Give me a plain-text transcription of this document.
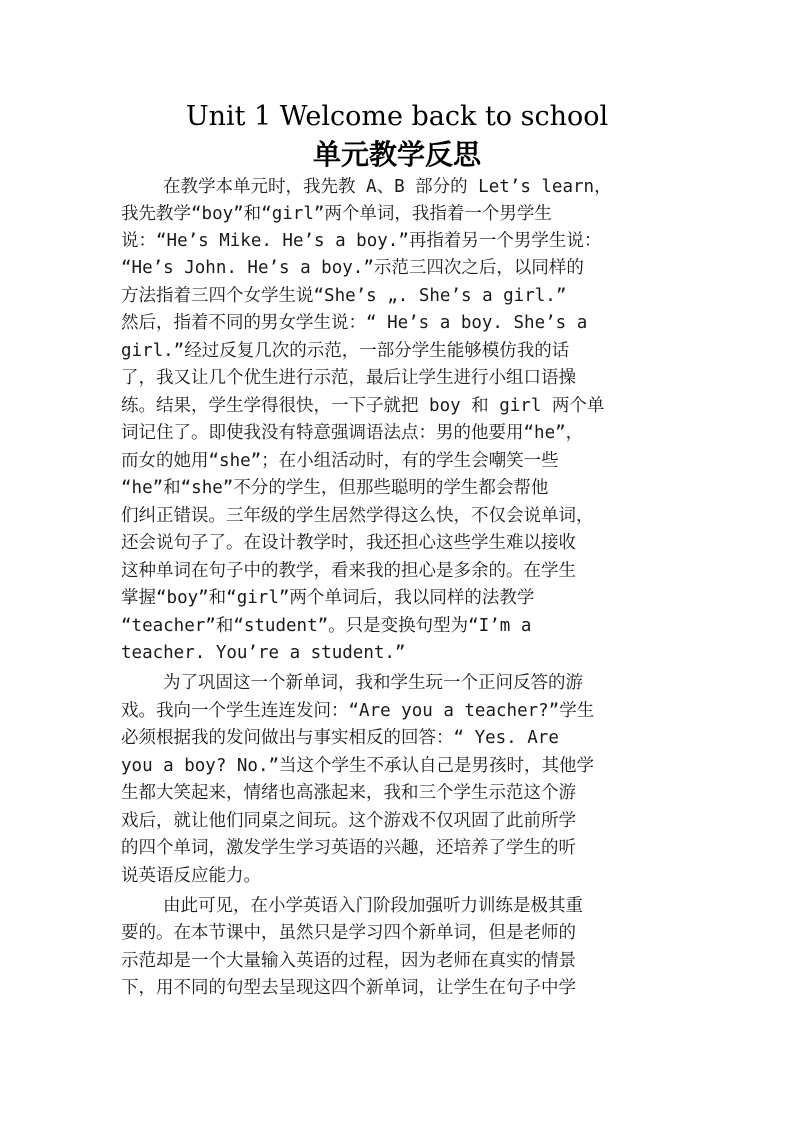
Unit 1 Welcome back to school
单元教学反思
在教学本单元时，我先教 A、B 部分的 Let’s learn，
我先教学“boy”和“girl”两个单词，我指着一个男学生
说：“He’s Mike. He’s a boy.”再指着另一个男学生说：
“He’s John. He’s a boy.”示范三四次之后，以同样的
方法指着三四个女学生说“She’s „. She’s a girl.”
然后，指着不同的男女学生说：“ He’s a boy. She’s a
girl.”经过反复几次的示范，一部分学生能够模仿我的话
了，我又让几个优生进行示范，最后让学生进行小组口语操
练。结果，学生学得很快，一下子就把 boy 和 girl 两个单
词记住了。即使我没有特意强调语法点：男的他要用“he”，
而女的她用“she”；在小组活动时，有的学生会嘲笑一些
“he”和“she”不分的学生，但那些聪明的学生都会帮他
们纠正错误。三年级的学生居然学得这么快，不仅会说单词，
还会说句子了。在设计教学时，我还担心这些学生难以接收
这种单词在句子中的教学，看来我的担心是多余的。在学生
掌握“boy”和“girl”两个单词后，我以同样的法教学
“teacher”和“student”。只是变换句型为“I’m a
teacher. You’re a student.”
为了巩固这一个新单词，我和学生玩一个正问反答的游
戏。我向一个学生连连发问：“Are you a teacher?”学生
必须根据我的发问做出与事实相反的回答：“ Yes. Are
you a boy? No.”当这个学生不承认自己是男孩时，其他学
生都大笑起来，情绪也高涨起来，我和三个学生示范这个游
戏后，就让他们同桌之间玩。这个游戏不仅巩固了此前所学
的四个单词，激发学生学习英语的兴趣，还培养了学生的听
说英语反应能力。
由此可见，在小学英语入门阶段加强听力训练是极其重
要的。在本节课中，虽然只是学习四个新单词，但是老师的
示范却是一个大量输入英语的过程，因为老师在真实的情景
下，用不同的句型去呈现这四个新单词，让学生在句子中学
